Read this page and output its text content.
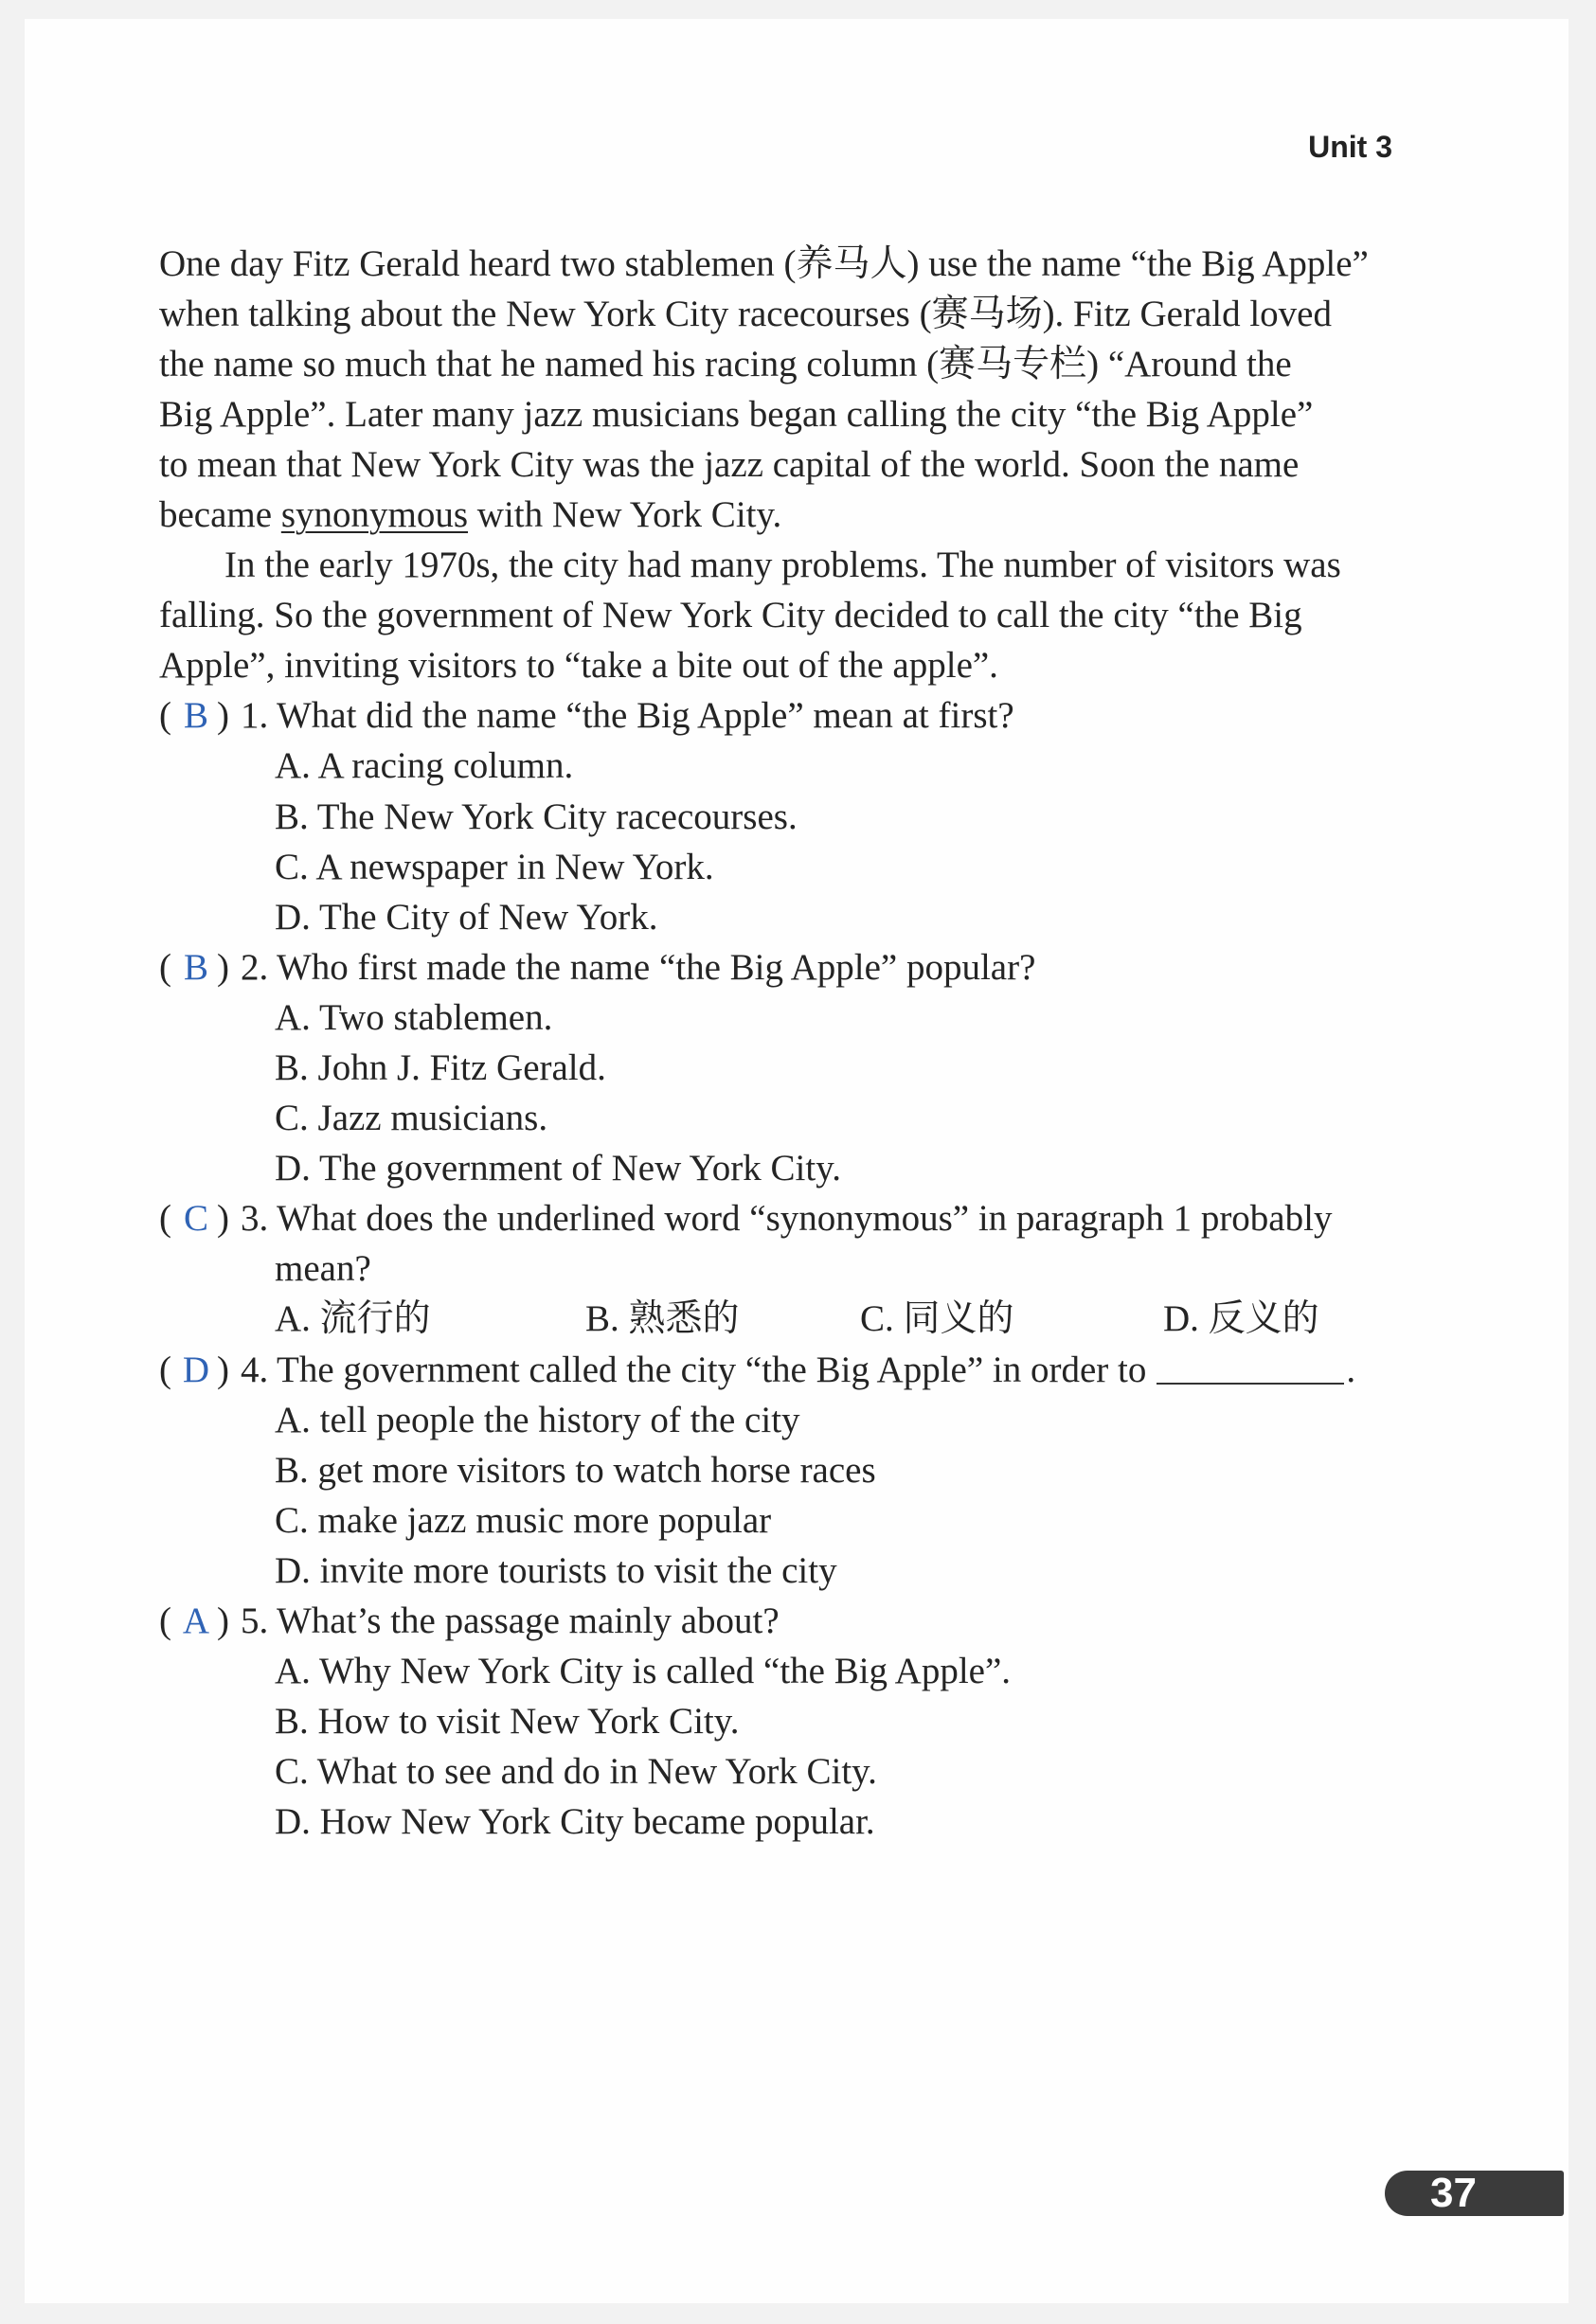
Unit 3
One day Fitz Gerald heard two stablemen (养马人) use the name “the Big Apple”
when talking about the New York City racecourses (赛马场). Fitz Gerald loved
the name so much that he named his racing column (赛马专栏) “Around the
Big Apple”. Later many jazz musicians began calling the city “the Big Apple”
to mean that New York City was the jazz capital of the world. Soon the name
became synonymous with New York City.
In the early 1970s, the city had many problems. The number of visitors was
falling. So the government of New York City decided to call the city “the Big
Apple”, inviting visitors to “take a bite out of the apple”.
( B ) 1. What did the name “the Big Apple” mean at first?
A. A racing column.
B. The New York City racecourses.
C. A newspaper in New York.
D. The City of New York.
( B ) 2. Who first made the name “the Big Apple” popular?
A. Two stablemen.
B. John J. Fitz Gerald.
C. Jazz musicians.
D. The government of New York City.
( C ) 3. What does the underlined word “synonymous” in paragraph 1 probably
mean?
A. 流行的	B. 熟悉的	C. 同义的	D. 反义的
( D ) 4. The government called the city “the Big Apple” in order to	.
A. tell people the history of the city
B. get more visitors to watch horse races
C. make jazz music more popular
D. invite more tourists to visit the city
( A ) 5. What’s the passage mainly about?
A. Why New York City is called “the Big Apple”.
B. How to visit New York City.
C. What to see and do in New York City.
D. How New York City became popular.
37
